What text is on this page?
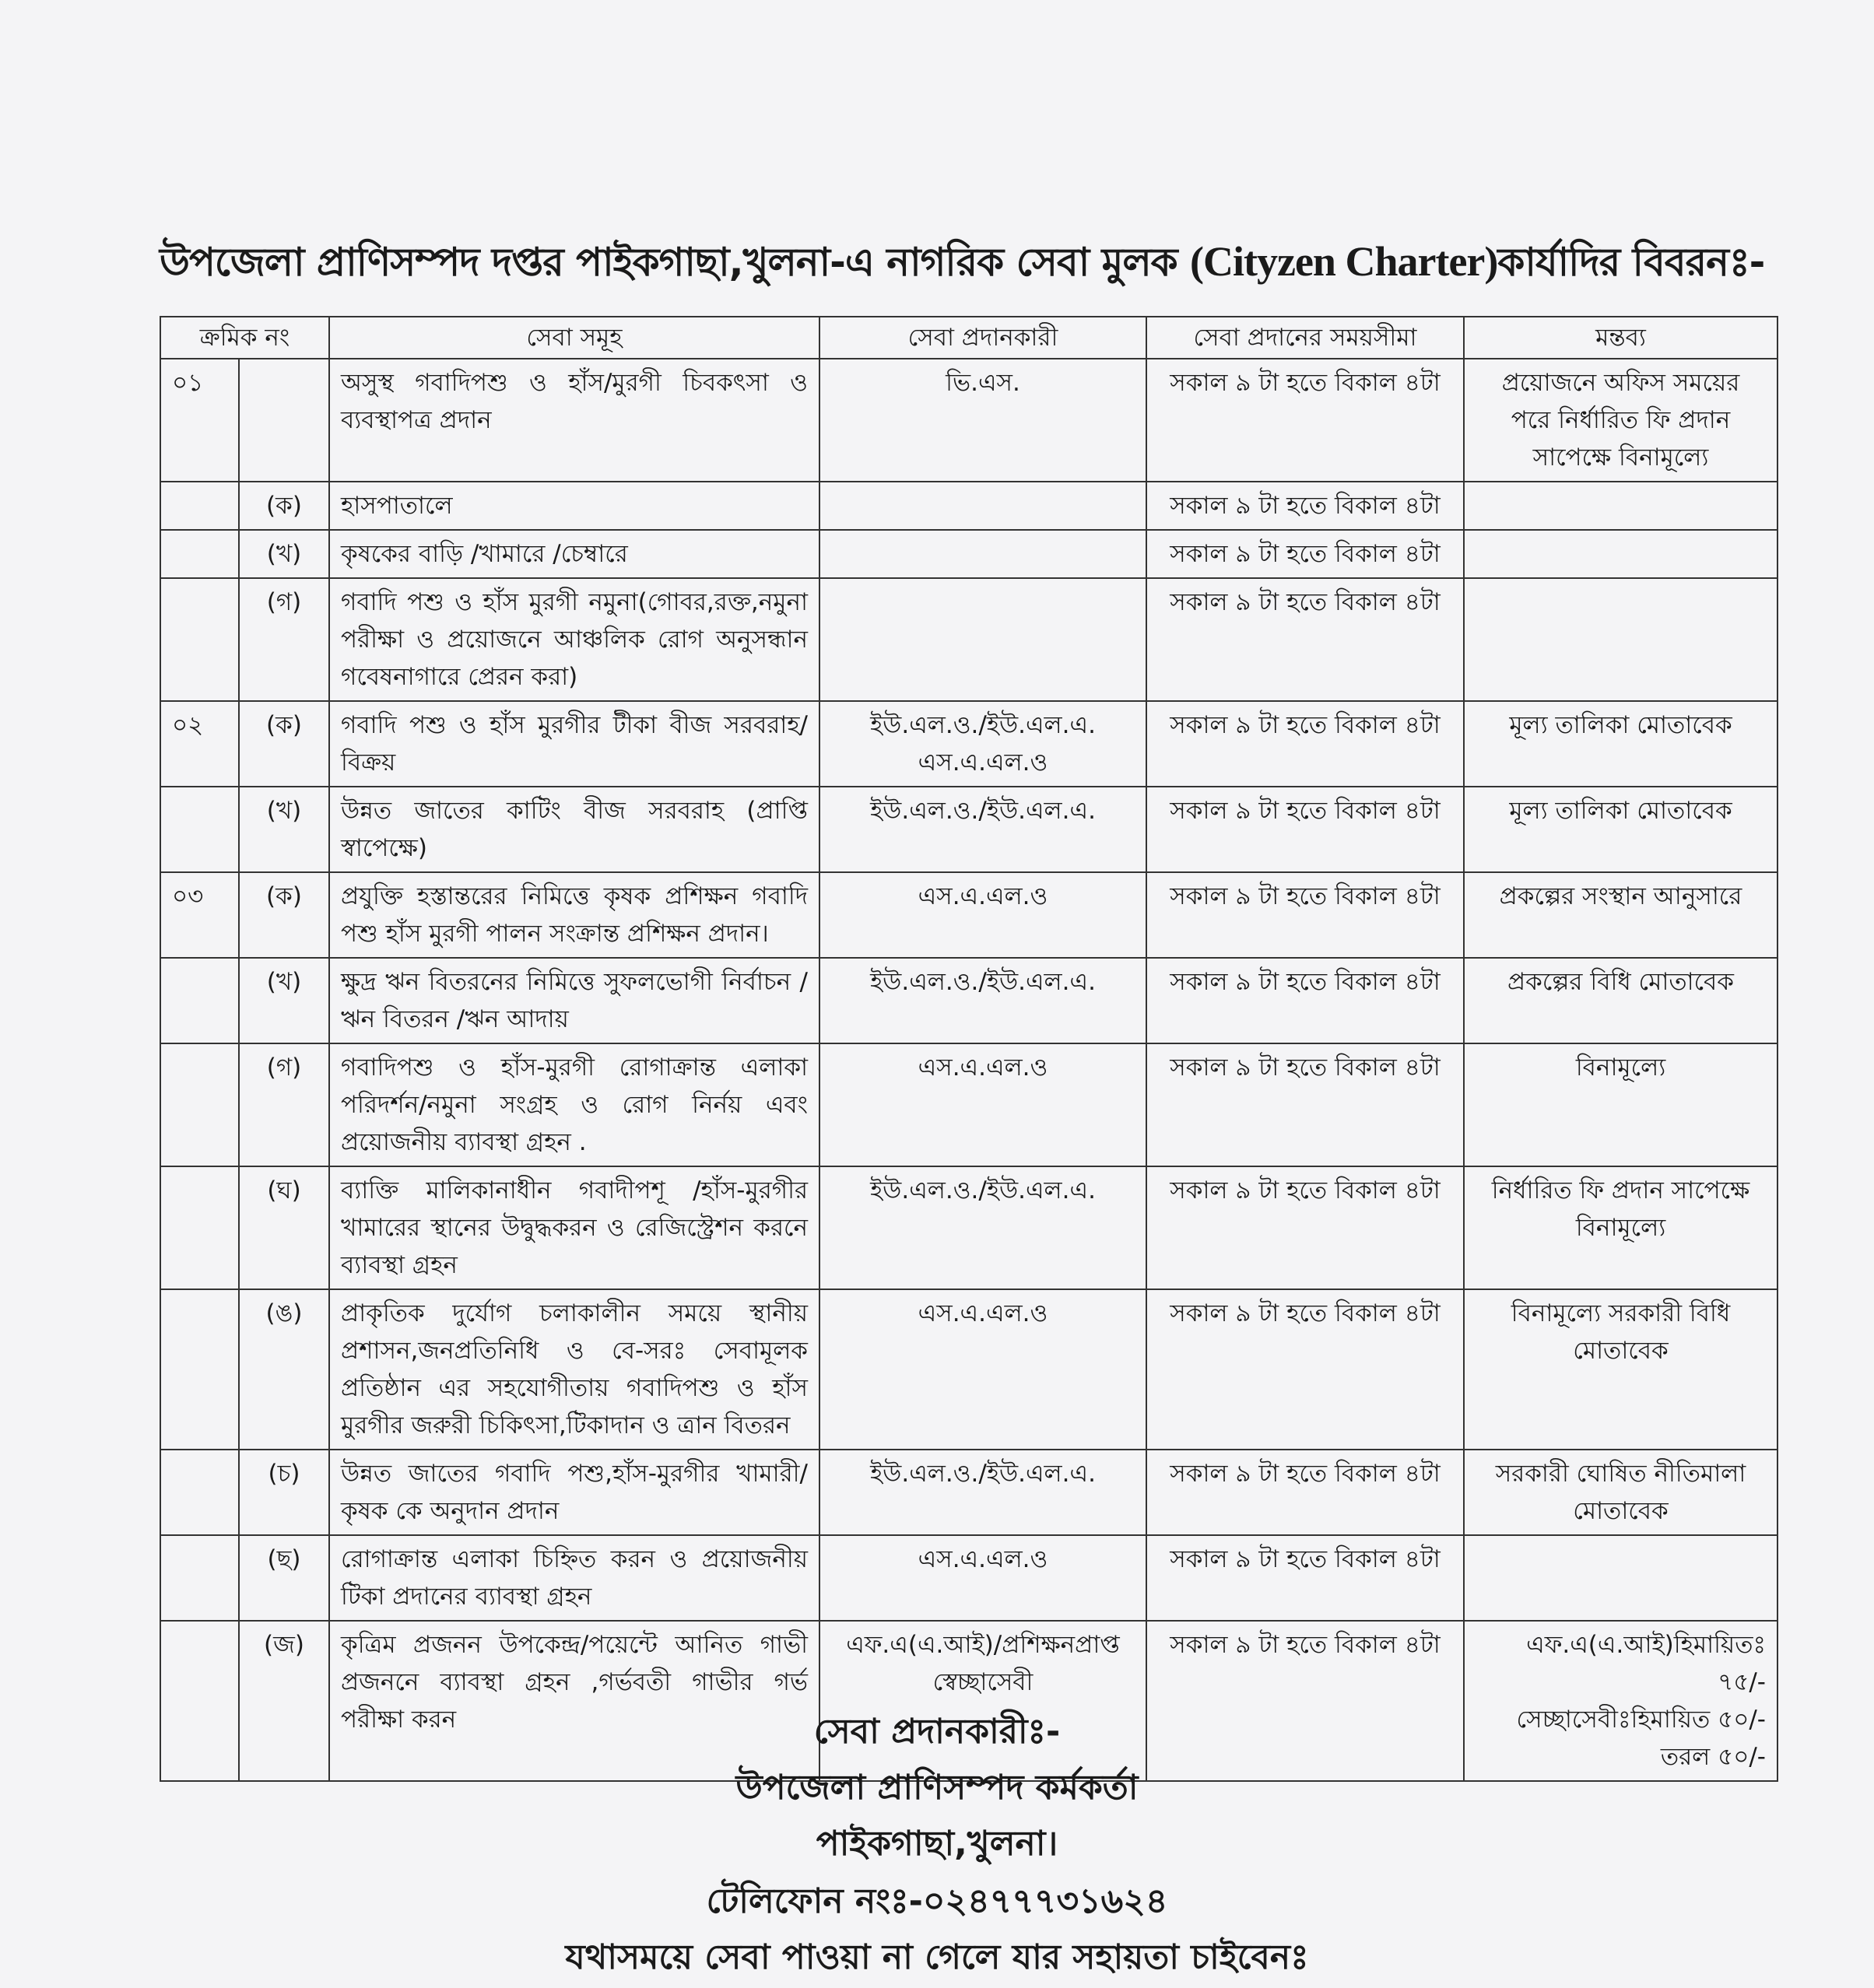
উপজেলা প্রাণিসম্পদ দপ্তর পাইকগাছা,খুলনা-এ নাগরিক সেবা মুলক (Cityzen Charter)কার্যাদির বিবরনঃ-
ক্রমিক নং		সেবা সমূহ	সেবা প্রদানকারী	সেবা প্রদানের সময়সীমা	মন্তব্য
০১		অসুস্থ গবাদিপশু ও হাঁস/মুরগী চিবকৎসা ও ব্যবস্থাপত্র প্রদান	ভি.এস.	সকাল ৯ টা হতে বিকাল ৪টা	প্রয়োজনে অফিস সময়ের
পরে নির্ধারিত ফি প্রদান
সাপেক্ষে বিনামূল্যে

	(ক)	হাসপাতালে		সকাল ৯ টা হতে বিকাল ৪টা	
	(খ)	কৃষকের বাড়ি /খামারে /চেম্বারে		সকাল ৯ টা হতে বিকাল ৪টা	
	(গ)	গবাদি পশু ও হাঁস মুরগী নমুনা(গোবর,রক্ত,নমুনা পরীক্ষা ও প্রয়োজনে আঞ্চলিক রোগ অনুসন্ধান গবেষনাগারে প্রেরন করা)		সকাল ৯ টা হতে বিকাল ৪টা	
০২	(ক)	গবাদি পশু ও হাঁস মুরগীর টীকা বীজ সরবরাহ/বিক্রয়	ইউ.এল.ও./ইউ.এল.এ.
এস.এ.এল.ও	সকাল ৯ টা হতে বিকাল ৪টা	মূল্য তালিকা মোতাবেক

	(খ)	উন্নত জাতের কাটিং বীজ সরবরাহ (প্রাপ্তি স্বাপেক্ষে)	ইউ.এল.ও./ইউ.এল.এ.	সকাল ৯ টা হতে বিকাল ৪টা	মূল্য তালিকা মোতাবেক

০৩	(ক)	প্রযুক্তি হস্তান্তরের নিমিত্তে কৃষক প্রশিক্ষন গবাদি পশু হাঁস মুরগী পালন সংক্রান্ত প্রশিক্ষন প্রদান।	এস.এ.এল.ও	সকাল ৯ টা হতে বিকাল ৪টা	প্রকল্পের সংস্থান আনুসারে

	(খ)	ক্ষুদ্র ঋন বিতরনের নিমিত্তে সুফলভোগী নির্বাচন /ঋন বিতরন /ঋন আদায়	ইউ.এল.ও./ইউ.এল.এ.	সকাল ৯ টা হতে বিকাল ৪টা	প্রকল্পের বিধি মোতাবেক

	(গ)	গবাদিপশু ও হাঁস-মুরগী রোগাক্রান্ত এলাকা পরিদর্শন/নমুনা সংগ্রহ ও রোগ নির্নয় এবং প্রয়োজনীয় ব্যাবস্থা গ্রহন .	এস.এ.এল.ও	সকাল ৯ টা হতে বিকাল ৪টা	বিনামূল্যে

	(ঘ)	ব্যাক্তি মালিকানাধীন গবাদীপশূ /হাঁস-মুরগীর খামারের স্থানের উদ্বুদ্ধকরন ও রেজিস্ট্রেশন করনে ব্যাবস্থা গ্রহন	ইউ.এল.ও./ইউ.এল.এ.	সকাল ৯ টা হতে বিকাল ৪টা	নির্ধারিত ফি প্রদান সাপেক্ষে
বিনামূল্যে

	(ঙ)	প্রাকৃতিক দুর্যোগ চলাকালীন সময়ে স্থানীয় প্রশাসন,জনপ্রতিনিধি ও বে-সরঃ সেবামূলক প্রতিষ্ঠান এর সহযোগীতায় গবাদিপশু ও হাঁস মুরগীর জরুরী চিকিৎসা,টিকাদান ও ত্রান বিতরন	এস.এ.এল.ও	সকাল ৯ টা হতে বিকাল ৪টা	বিনামূল্যে সরকারী বিধি
মোতাবেক

	(চ)	উন্নত জাতের গবাদি পশু,হাঁস-মুরগীর খামারী/কৃষক কে অনুদান প্রদান	ইউ.এল.ও./ইউ.এল.এ.	সকাল ৯ টা হতে বিকাল ৪টা	সরকারী ঘোষিত নীতিমালা
মোতাবেক

	(ছ)	রোগাক্রান্ত এলাকা চিহ্নিত করন ও প্রয়োজনীয় টিকা প্রদানের ব্যাবস্থা গ্রহন	এস.এ.এল.ও	সকাল ৯ টা হতে বিকাল ৪টা	
	(জ)	কৃত্রিম প্রজনন উপকেন্দ্র/পয়েন্টে আনিত গাভী প্রজননে ব্যাবস্থা গ্রহন ,গর্ভবতী গাভীর গর্ভ পরীক্ষা করন	এফ.এ(এ.আই)/প্রশিক্ষনপ্রাপ্ত
স্বেচ্ছাসেবী	সকাল ৯ টা হতে বিকাল ৪টা	এফ.এ(এ.আই)হিমায়িতঃ ৭৫/-
সেচ্ছাসেবীঃহিমায়িত ৫০/-
তরল ৫০/-
সেবা প্রদানকারীঃ-
উপজেলা প্রাণিসম্পদ কর্মকর্তা
পাইকগাছা,খুলনা।
টেলিফোন নংঃ-০২৪৭৭৭৩১৬২৪
যথাসময়ে সেবা পাওয়া না গেলে যার সহায়তা চাইবেনঃ
